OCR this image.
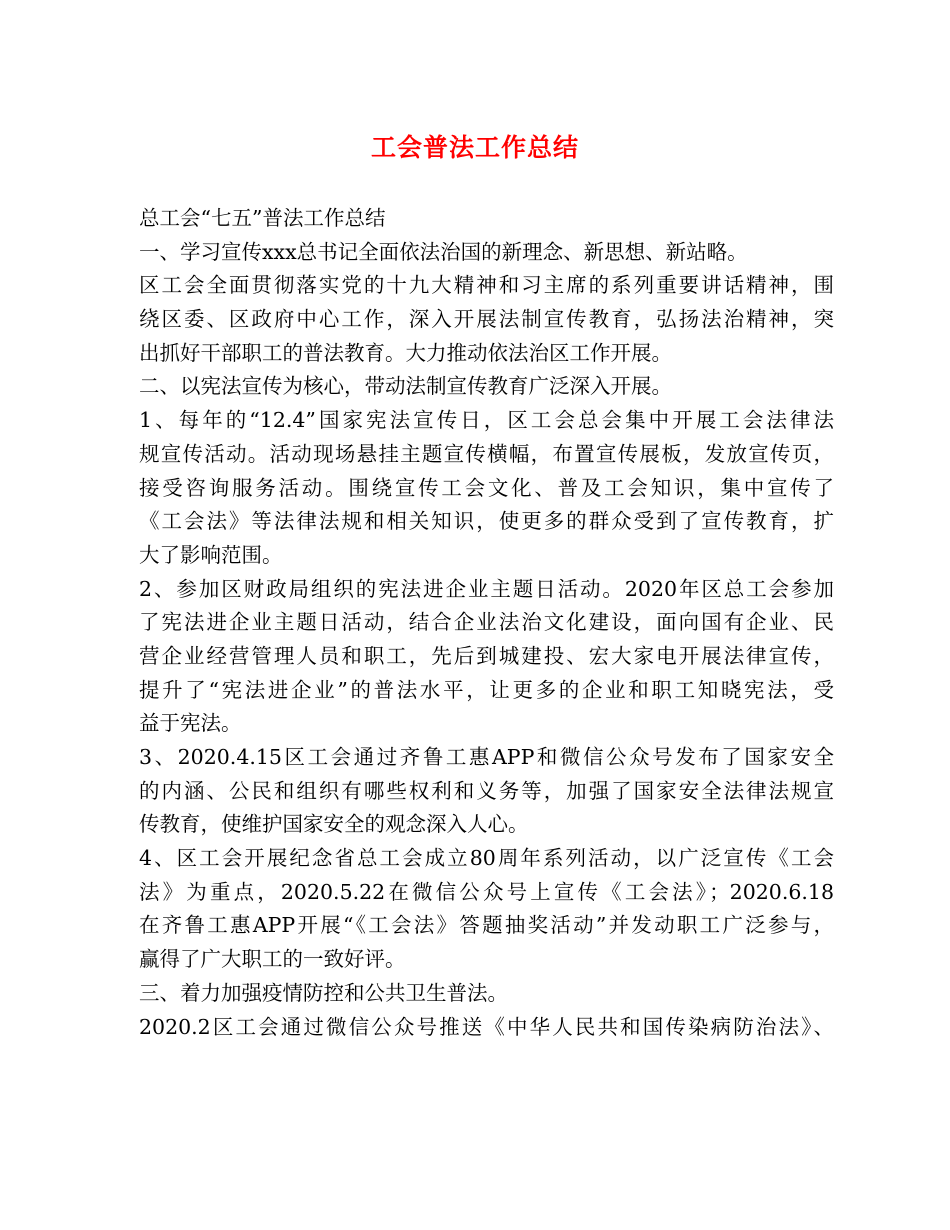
工会普法工作总结
总工会“七五”普法工作总结
一、学习宣传xxx总书记全面依法治国的新理念、新思想、新站略。
区工会全面贯彻落实党的十九大精神和习主席的系列重要讲话精神，围
绕区委、区政府中心工作，深入开展法制宣传教育，弘扬法治精神，突
出抓好干部职工的普法教育。大力推动依法治区工作开展。
二、以宪法宣传为核心，带动法制宣传教育广泛深入开展。
1、每年的“12.4”国家宪法宣传日，区工会总会集中开展工会法律法
规宣传活动。活动现场悬挂主题宣传横幅，布置宣传展板，发放宣传页，
接受咨询服务活动。围绕宣传工会文化、普及工会知识，集中宣传了
《工会法》等法律法规和相关知识，使更多的群众受到了宣传教育，扩
大了影响范围。
2、参加区财政局组织的宪法进企业主题日活动。2020年区总工会参加
了宪法进企业主题日活动，结合企业法治文化建设，面向国有企业、民
营企业经营管理人员和职工，先后到城建投、宏大家电开展法律宣传，
提升了“宪法进企业”的普法水平，让更多的企业和职工知晓宪法，受
益于宪法。
3、2020.4.15区工会通过齐鲁工惠APP和微信公众号发布了国家安全
的内涵、公民和组织有哪些权利和义务等，加强了国家安全法律法规宣
传教育，使维护国家安全的观念深入人心。
4、区工会开展纪念省总工会成立80周年系列活动，以广泛宣传《工会
法》为重点，2020.5.22在微信公众号上宣传《工会法》；2020.6.18
在齐鲁工惠APP开展“《工会法》答题抽奖活动”并发动职工广泛参与，
赢得了广大职工的一致好评。
三、着力加强疫情防控和公共卫生普法。
2020.2区工会通过微信公众号推送《中华人民共和国传染病防治法》、
